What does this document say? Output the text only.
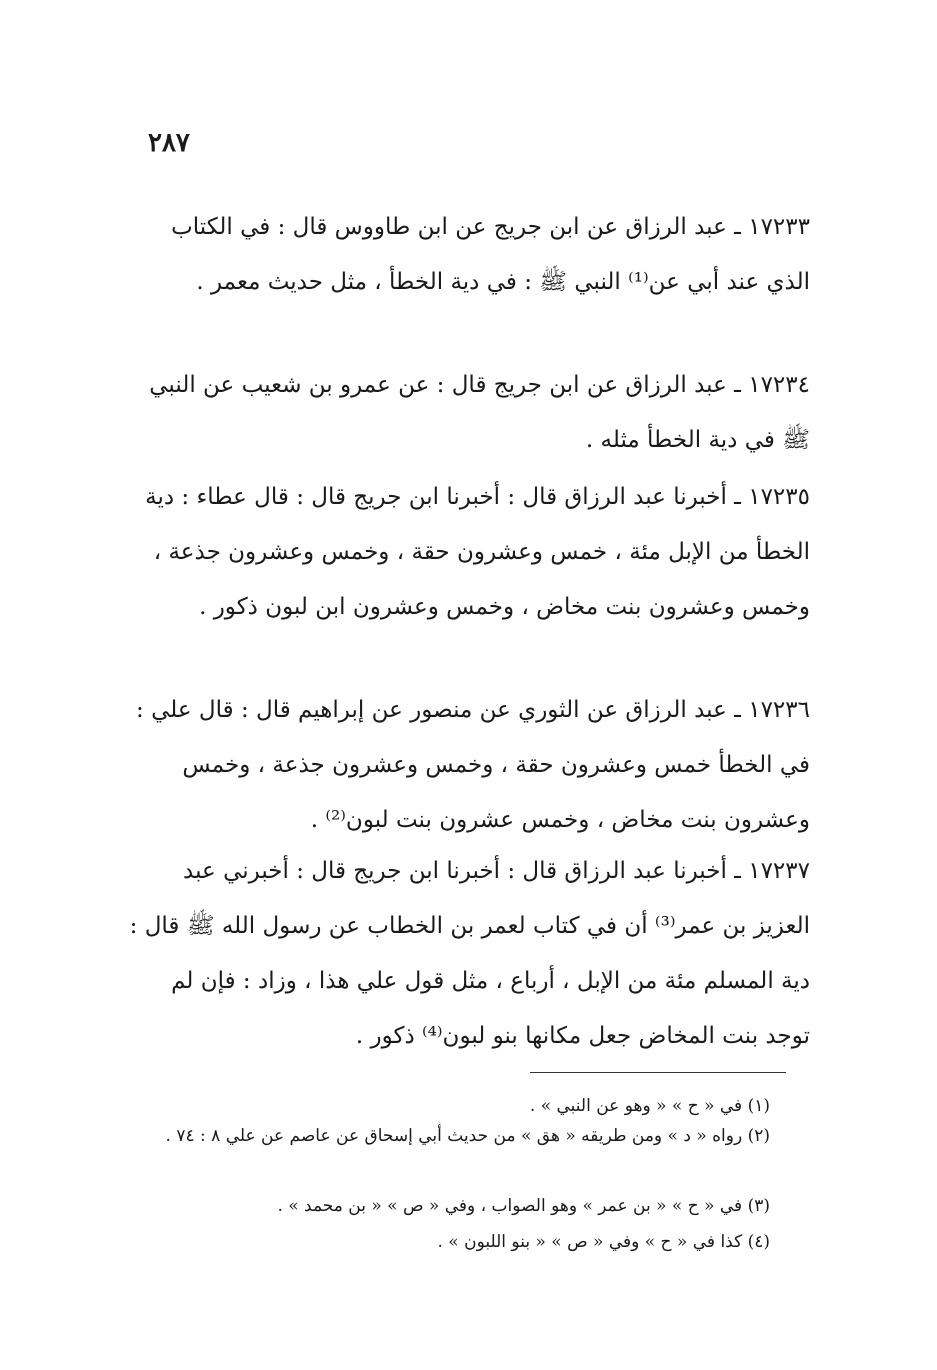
٢٨٧
١٧٢٣٣ ـ عبد الرزاق عن ابن جريج عن ابن طاووس قال : في الكتاب الذي عند أبي عن⁽¹⁾ النبي ﷺ : في دية الخطأ ، مثل حديث معمر .
١٧٢٣٤ ـ عبد الرزاق عن ابن جريج قال : عن عمرو بن شعيب عن النبي ﷺ في دية الخطأ مثله .
١٧٢٣٥ ـ أخبرنا عبد الرزاق قال : أخبرنا ابن جريج قال : قال عطاء : دية الخطأ من الإبل مئة ، خمس وعشرون حقة ، وخمس وعشرون جذعة ، وخمس وعشرون بنت مخاض ، وخمس وعشرون ابن لبون ذكور .
١٧٢٣٦ ـ عبد الرزاق عن الثوري عن منصور عن إبراهيم قال : قال علي : في الخطأ خمس وعشرون حقة ، وخمس وعشرون جذعة ، وخمس وعشرون بنت مخاض ، وخمس عشرون بنت لبون⁽²⁾ .
١٧٢٣٧ ـ أخبرنا عبد الرزاق قال : أخبرنا ابن جريج قال : أخبرني عبد العزيز بن عمر⁽³⁾ أن في كتاب لعمر بن الخطاب عن رسول الله ﷺ قال : دية المسلم مئة من الإبل ، أرباع ، مثل قول علي هذا ، وزاد : فإن لم توجد بنت المخاض جعل مكانها بنو لبون⁽⁴⁾ ذكور .
(١) في « ح » « وهو عن النبي » .
(٢) رواه « د » ومن طريقه « هق » من حديث أبي إسحاق عن عاصم عن علي ٨ : ٧٤ .
(٣) في « ح » « بن عمر » وهو الصواب ، وفي « ص » « بن محمد » .
(٤) كذا في « ح » وفي « ص » « بنو اللبون » .
